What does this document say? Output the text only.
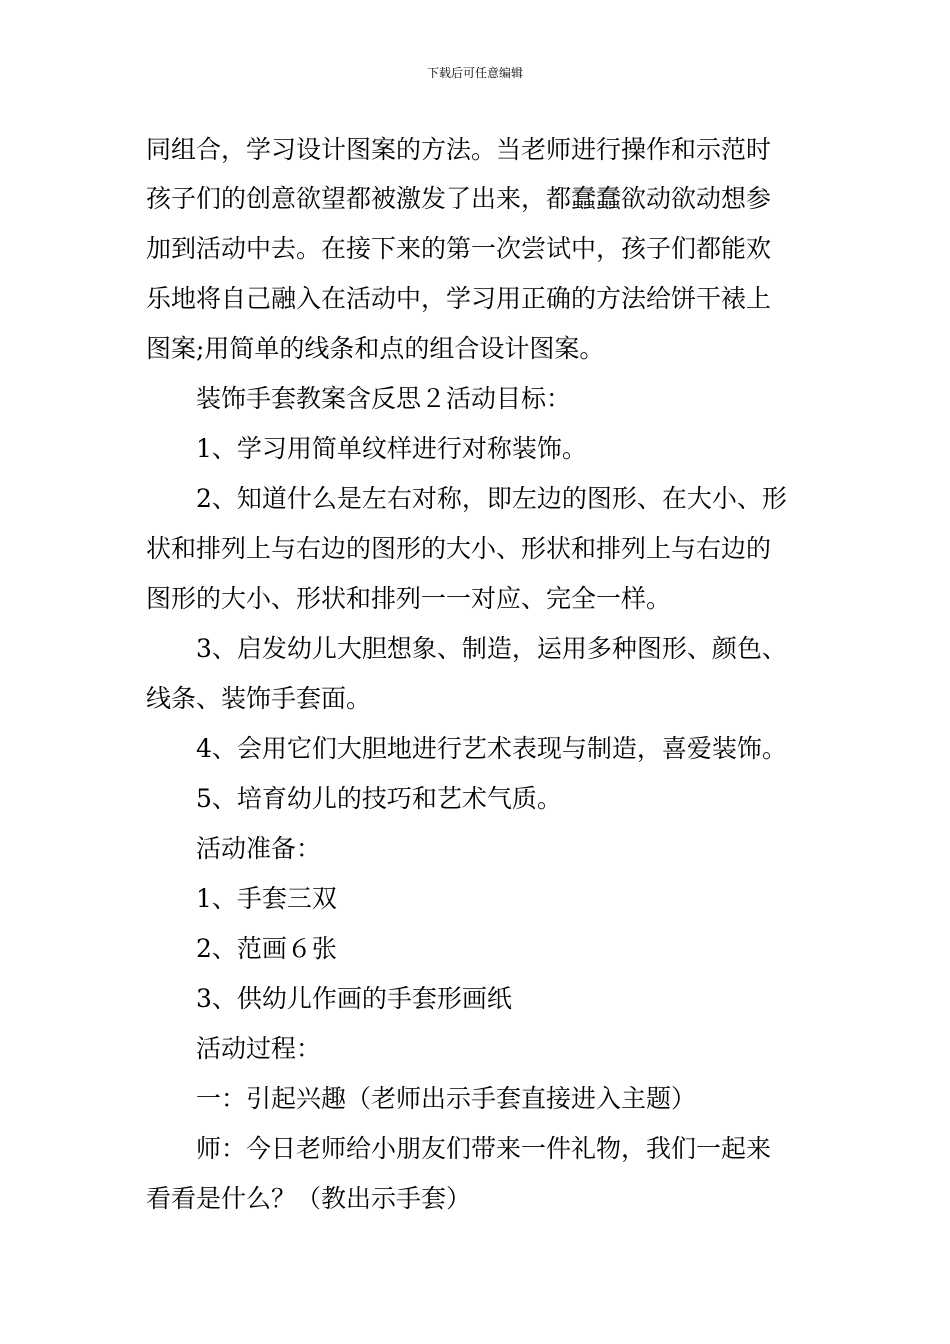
下载后可任意编辑
同组合，学习设计图案的方法。当老师进行操作和示范时
孩子们的创意欲望都被激发了出来，都蠢蠢欲动欲动想参
加到活动中去。在接下来的第一次尝试中，孩子们都能欢
乐地将自己融入在活动中，学习用正确的方法给饼干裱上
图案;用简单的线条和点的组合设计图案。
装饰手套教案含反思２活动目标：
1、学习用简单纹样进行对称装饰。
2、知道什么是左右对称，即左边的图形、在大小、形
状和排列上与右边的图形的大小、形状和排列上与右边的
图形的大小、形状和排列一一对应、完全一样。
3、启发幼儿大胆想象、制造，运用多种图形、颜色、
线条、装饰手套面。
4、会用它们大胆地进行艺术表现与制造，喜爱装饰。
5、培育幼儿的技巧和艺术气质。
活动准备：
1、手套三双
2、范画６张
3、供幼儿作画的手套形画纸
活动过程：
一：引起兴趣（老师出示手套直接进入主题）
师：今日老师给小朋友们带来一件礼物，我们一起来
看看是什么？（教出示手套）
